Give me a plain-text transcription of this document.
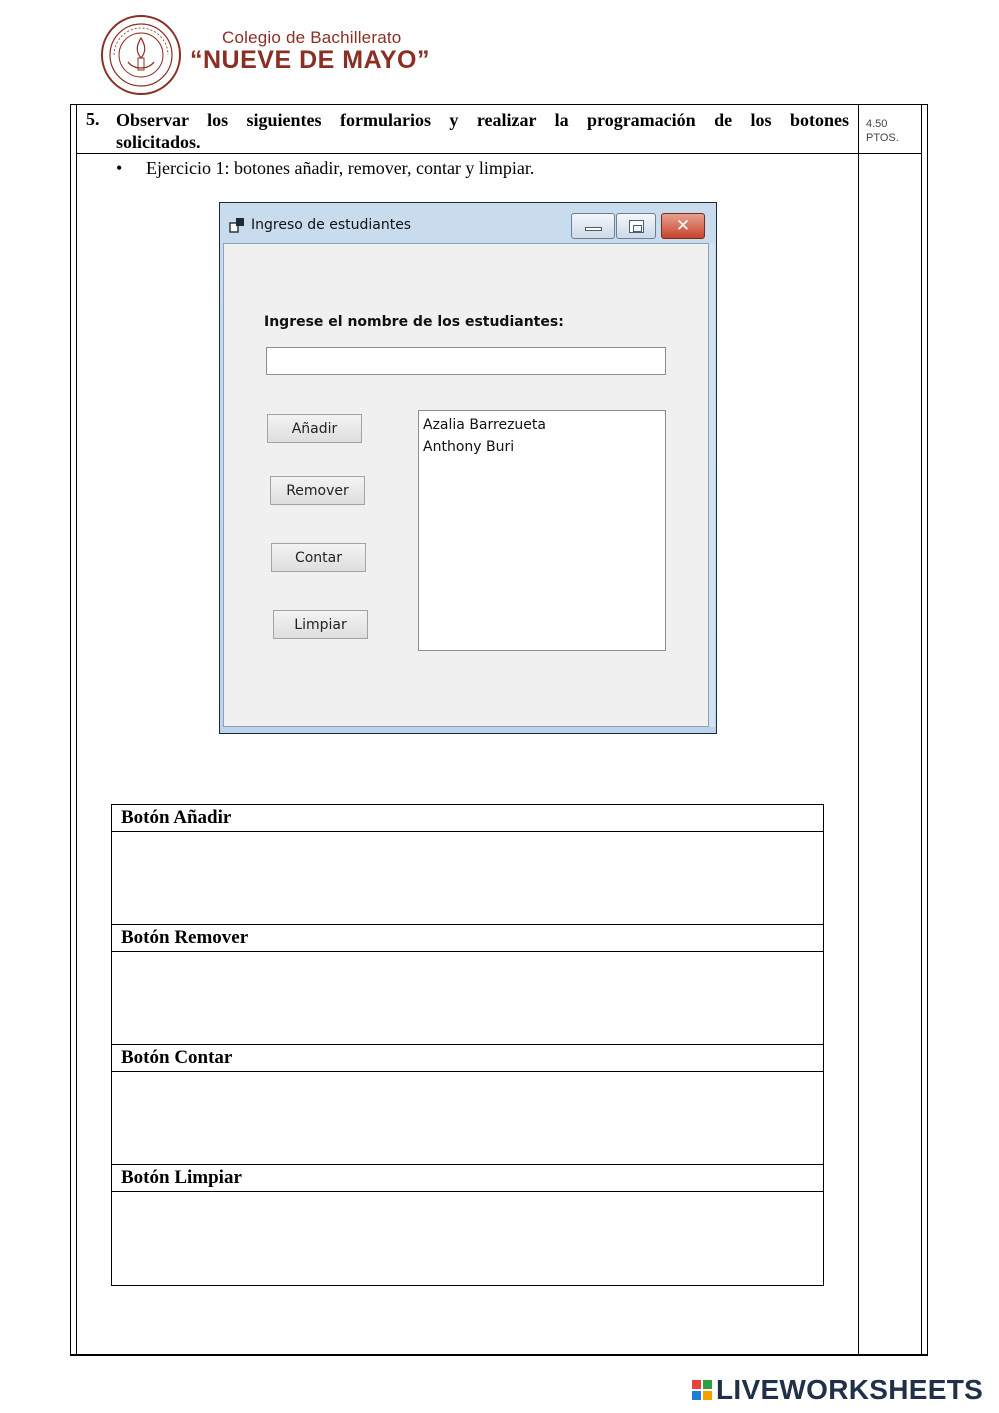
Colegio de Bachillerato
“NUEVE DE MAYO”
5. Observar los siguientes formularios y realizar la programación de los botones
solicitados.
4.50
PTOS.
• Ejercicio 1: botones añadir, remover, contar y limpiar.
Ingreso de estudiantes	✕
Ingrese el nombre de los estudiantes:
Añadir
Remover
Contar
Limpiar
Azalia Barrezueta
Anthony Buri
Botón Añadir
Botón Remover
Botón Contar
Botón Limpiar
LIVEWORKSHEETS
